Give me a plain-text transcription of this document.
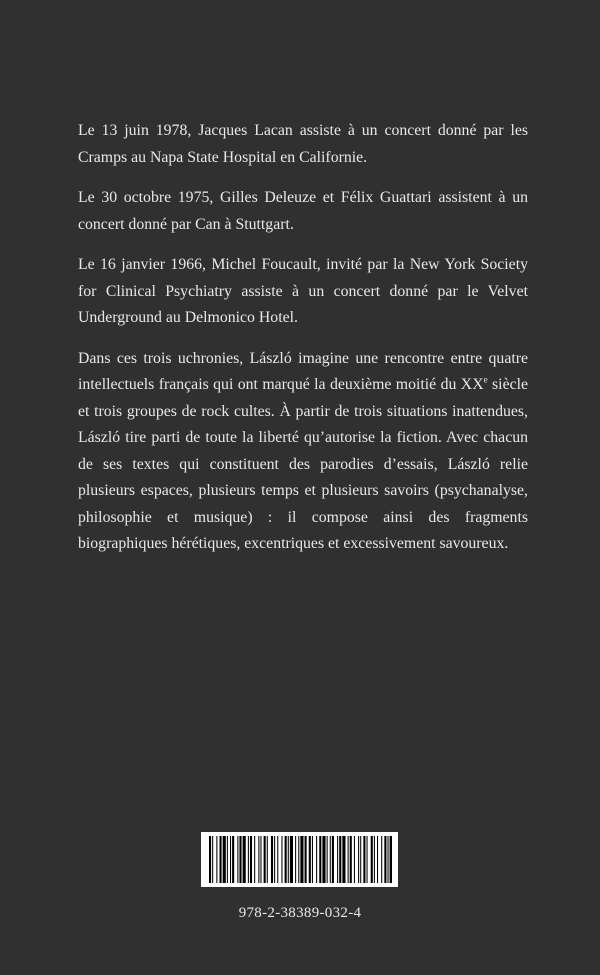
Le 13 juin 1978, Jacques Lacan assiste à un concert donné par les Cramps au Napa State Hospital en Californie.

Le 30 octobre 1975, Gilles Deleuze et Félix Guattari assistent à un concert donné par Can à Stuttgart.

Le 16 janvier 1966, Michel Foucault, invité par la New York Society for Clinical Psychiatry assiste à un concert donné par le Velvet Underground au Delmonico Hotel.

Dans ces trois uchronies, László imagine une rencontre entre quatre intellectuels français qui ont marqué la deuxième moitié du XXe siècle et trois groupes de rock cultes. À partir de trois situations inattendues, László tire parti de toute la liberté qu’autorise la fiction. Avec chacun de ses textes qui constituent des parodies d’essais, László relie plusieurs espaces, plusieurs temps et plusieurs savoirs (psychanalyse, philosophie et musique) : il compose ainsi des fragments biographiques hérétiques, excentriques et excessivement savoureux.

978-2-38389-032-4
